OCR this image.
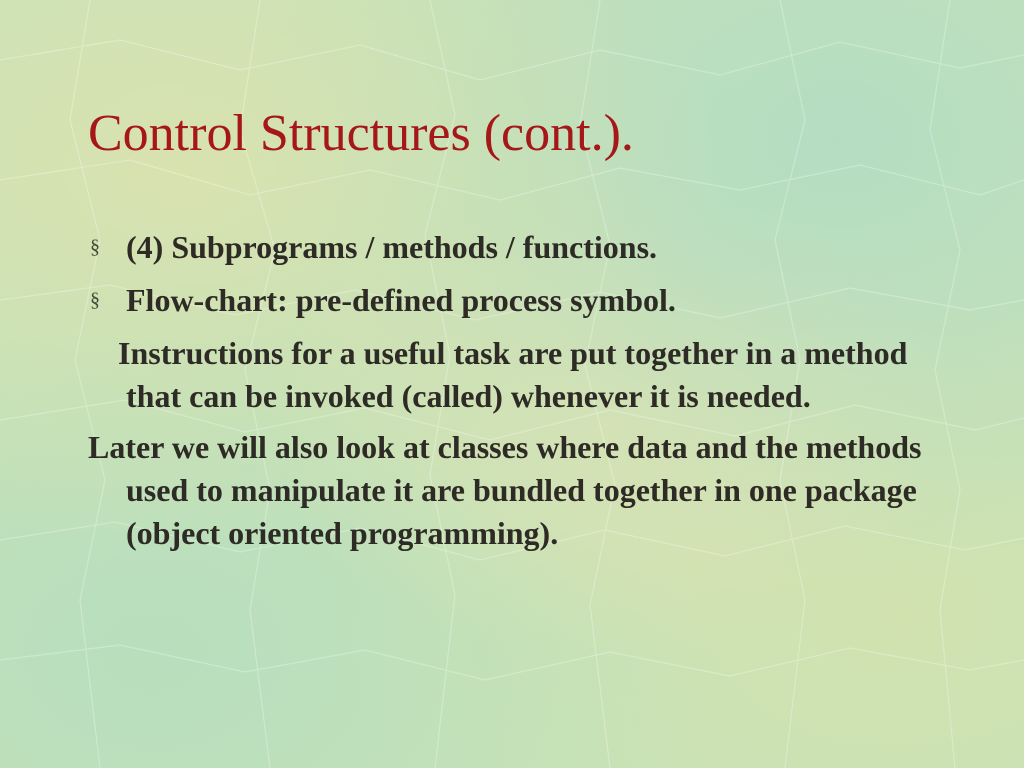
Control Structures (cont.).
§ (4) Subprograms / methods / functions.
§ Flow-chart: pre-defined process symbol.
Instructions for a useful task are put together in a method that can be invoked (called) whenever it is needed.
Later we will also look at classes where data and the methods used to manipulate it are bundled together in one package (object oriented programming).
